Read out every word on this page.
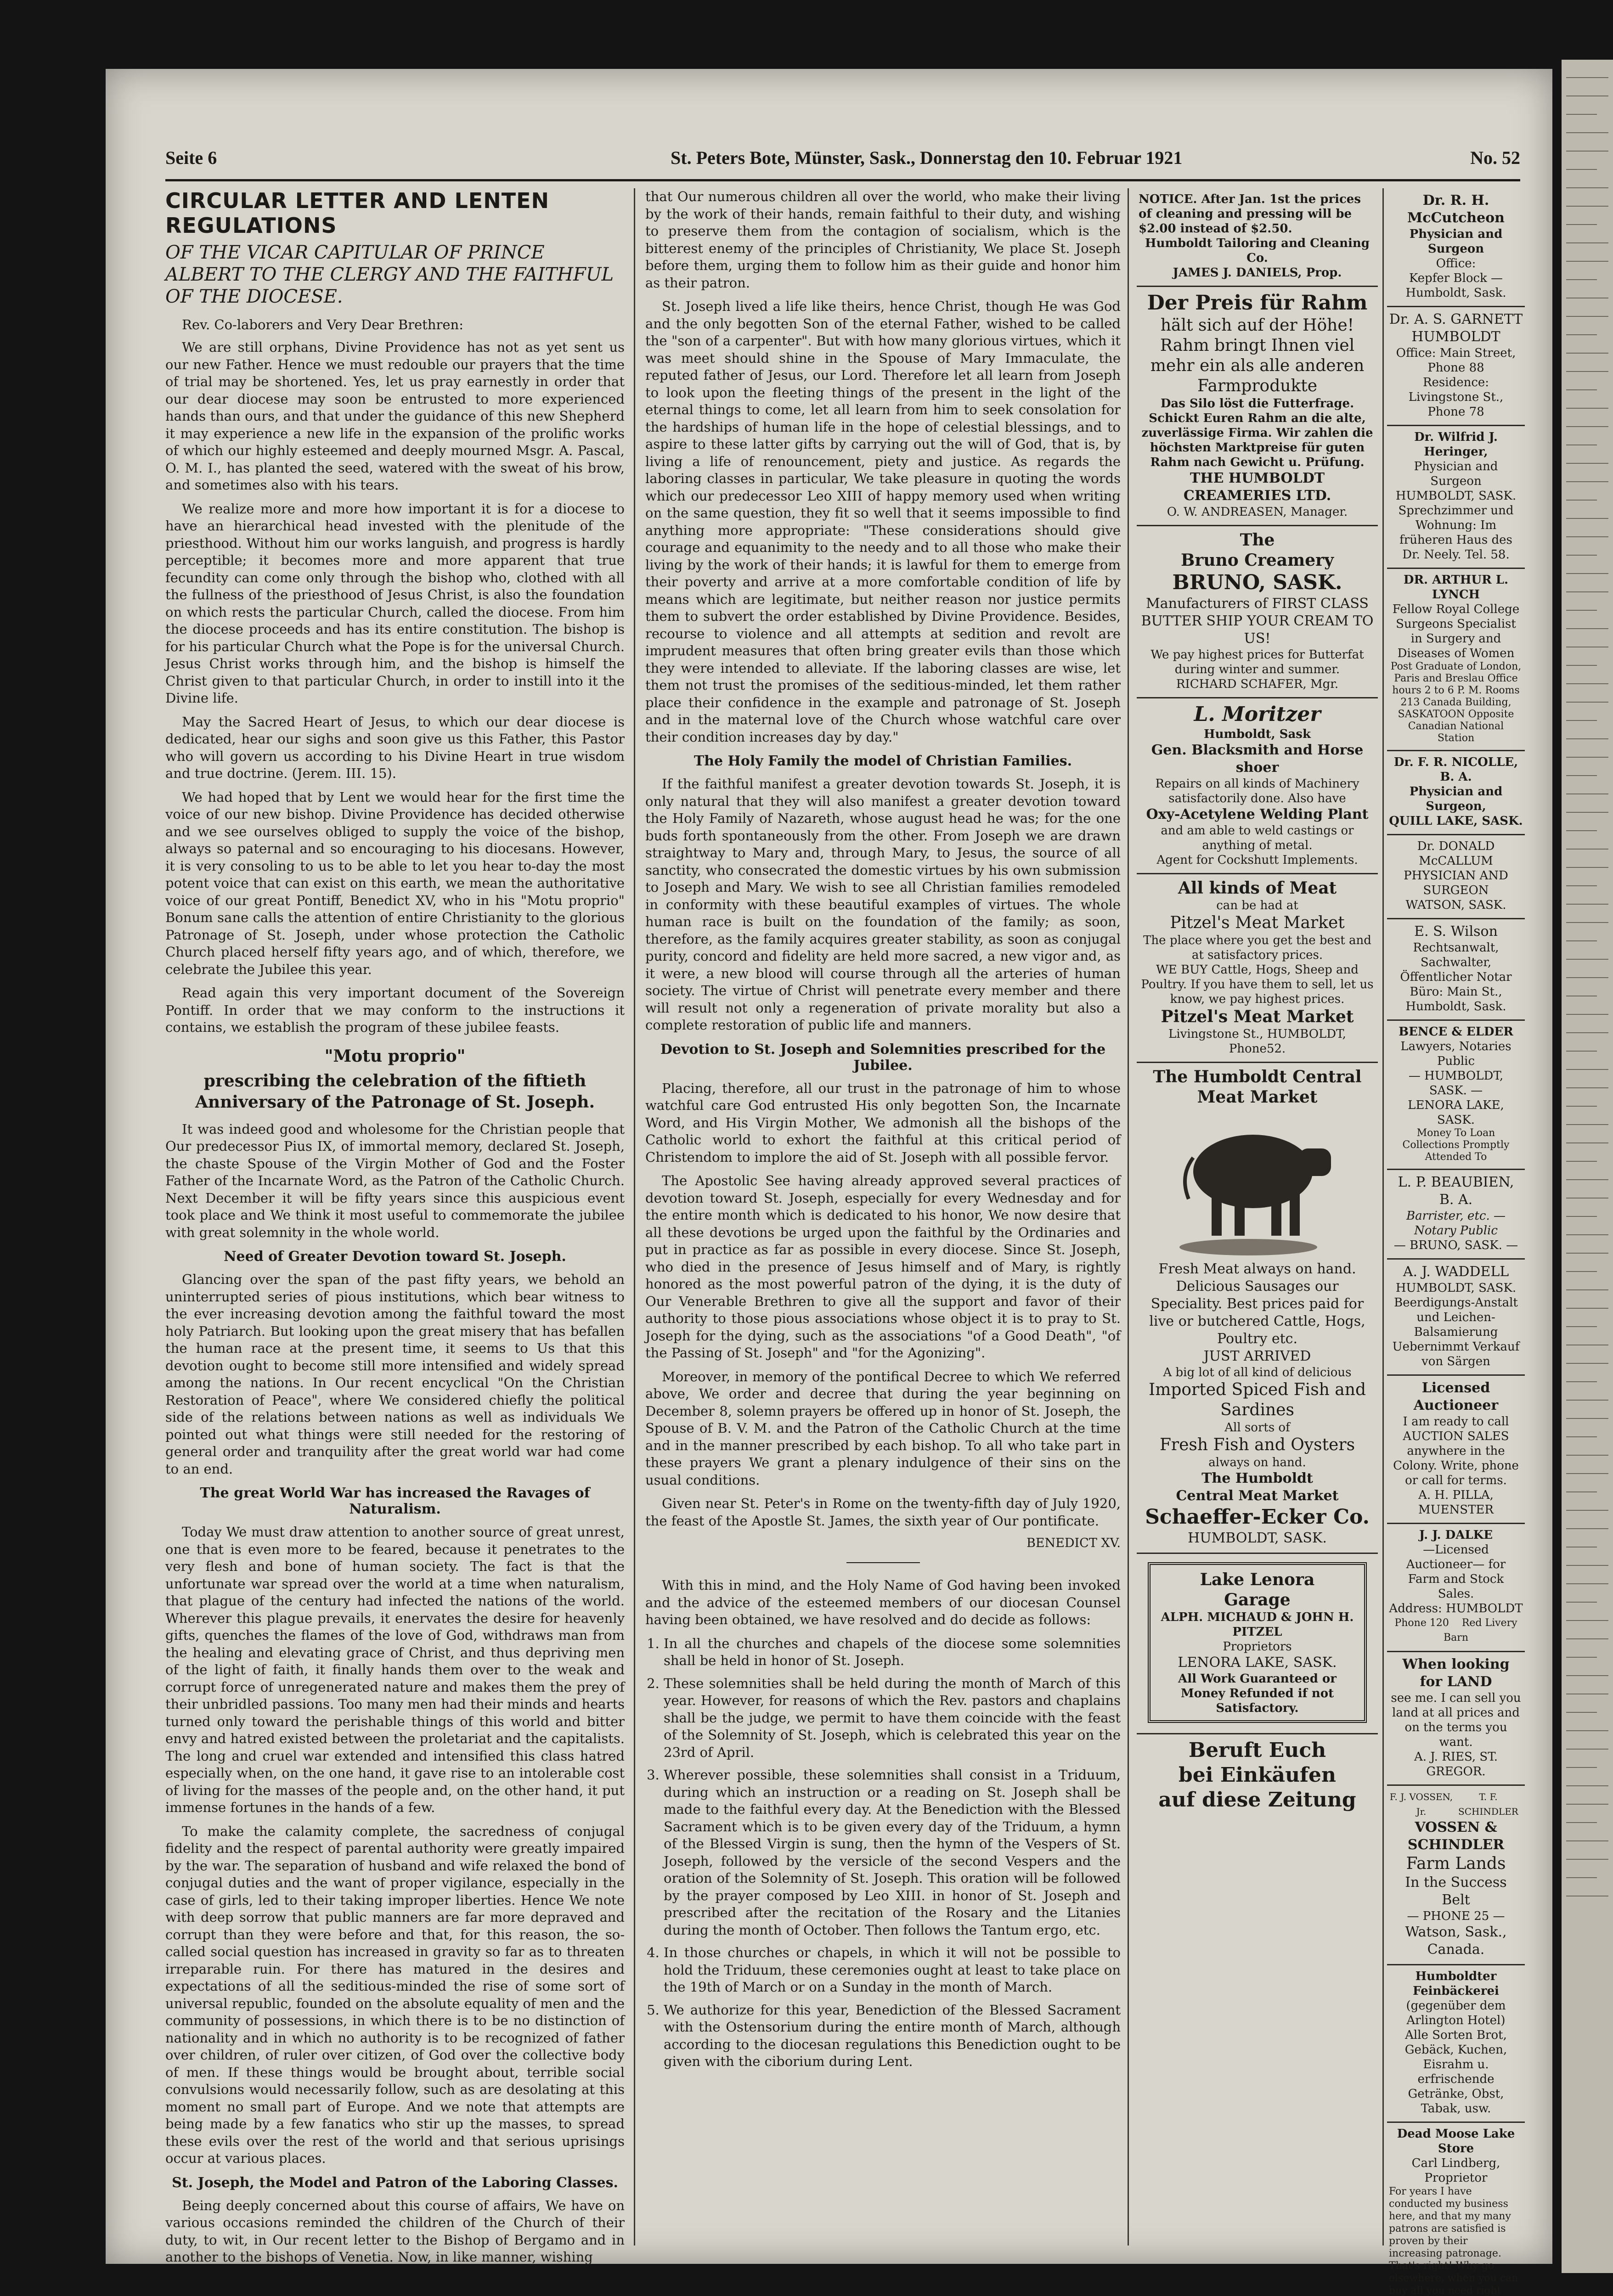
Seite 6	St. Peters Bote, Münster, Sask., Donnerstag den 10. Februar 1921	No. 52
CIRCULAR LETTER AND LENTEN REGULATIONS
OF THE VICAR CAPITULAR OF PRINCE ALBERT TO THE CLERGY AND THE FAITHFUL OF THE DIOCESE.
Rev. Co-laborers and Very Dear Brethren:

We are still orphans, Divine Providence has not as yet sent us our new Father. Hence we must redouble our prayers that the time of trial may be shortened. Yes, let us pray earnestly in order that our dear diocese may soon be entrusted to more experienced hands than ours, and that under the guidance of this new Shepherd it may experience a new life in the expansion of the prolific works of which our highly esteemed and deeply mourned Msgr. A. Pascal, O. M. I., has planted the seed, watered with the sweat of his brow, and sometimes also with his tears.

We realize more and more how important it is for a diocese to have an hierarchical head invested with the plenitude of the priesthood. Without him our works languish, and progress is hardly perceptible; it becomes more and more apparent that true fecundity can come only through the bishop who, clothed with all the fullness of the priesthood of Jesus Christ, is also the foundation on which rests the particular Church, called the diocese. From him the diocese proceeds and has its entire constitution. The bishop is for his particular Church what the Pope is for the universal Church. Jesus Christ works through him, and the bishop is himself the Christ given to that particular Church, in order to instill into it the Divine life.

May the Sacred Heart of Jesus, to which our dear diocese is dedicated, hear our sighs and soon give us this Father, this Pastor who will govern us according to his Divine Heart in true wisdom and true doctrine. (Jerem. III. 15).

We had hoped that by Lent we would hear for the first time the voice of our new bishop. Divine Providence has decided otherwise and we see ourselves obliged to supply the voice of the bishop, always so paternal and so encouraging to his diocesans. However, it is very consoling to us to be able to let you hear to-day the most potent voice that can exist on this earth, we mean the authoritative voice of our great Pontiff, Benedict XV, who in his "Motu proprio" Bonum sane calls the attention of entire Christianity to the glorious Patronage of St. Joseph, under whose protection the Catholic Church placed herself fifty years ago, and of which, therefore, we celebrate the Jubilee this year.

Read again this very important document of the Sovereign Pontiff. In order that we may conform to the instructions it contains, we establish the program of these jubilee feasts.

"Motu proprio"
prescribing the celebration of the fiftieth Anniversary of the Patronage of St. Joseph.

It was indeed good and wholesome for the Christian people that Our predecessor Pius IX, of immortal memory, declared St. Joseph, the chaste Spouse of the Virgin Mother of God and the Foster Father of the Incarnate Word, as the Patron of the Catholic Church. Next December it will be fifty years since this auspicious event took place and We think it most useful to commemorate the jubilee with great solemnity in the whole world.

Need of Greater Devotion toward St. Joseph.

Glancing over the span of the past fifty years, we behold an uninterrupted series of pious institutions, which bear witness to the ever increasing devotion among the faithful toward the most holy Patriarch. But looking upon the great misery that has befallen the human race at the present time, it seems to Us that this devotion ought to become still more intensified and widely spread among the nations. In Our recent encyclical "On the Christian Restoration of Peace", where We considered chiefly the political side of the relations between nations as well as individuals We pointed out what things were still needed for the restoring of general order and tranquility after the great world war had come to an end.

The great World War has increased the Ravages of Naturalism.

Today We must draw attention to another source of great unrest, one that is even more to be feared, because it penetrates to the very flesh and bone of human society. The fact is that the unfortunate war spread over the world at a time when naturalism, that plague of the century had infected the nations of the world. Wherever this plague prevails, it enervates the desire for heavenly gifts, quenches the flames of the love of God, withdraws man from the healing and elevating grace of Christ, and thus depriving men of the light of faith, it finally hands them over to the weak and corrupt force of unregenerated nature and makes them the prey of their unbridled passions. Too many men had their minds and hearts turned only toward the perishable things of this world and bitter envy and hatred existed between the proletariat and the capitalists. The long and cruel war extended and intensified this class hatred especially when, on the one hand, it gave rise to an intolerable cost of living for the masses of the people and, on the other hand, it put immense fortunes in the hands of a few.

To make the calamity complete, the sacredness of conjugal fidelity and the respect of parental authority were greatly impaired by the war. The separation of husband and wife relaxed the bond of conjugal duties and the want of proper vigilance, especially in the case of girls, led to their taking improper liberties. Hence We note with deep sorrow that public manners are far more depraved and corrupt than they were before and that, for this reason, the so-called social question has increased in gravity so far as to threaten irreparable ruin. For there has matured in the desires and expectations of all the seditious-minded the rise of some sort of universal republic, founded on the absolute equality of men and the community of possessions, in which there is to be no distinction of nationality and in which no authority is to be recognized of father over children, of ruler over citizen, of God over the collective body of men. If these things would be brought about, terrible social convulsions would necessarily follow, such as are desolating at this moment no small part of Europe. And we note that attempts are being made by a few fanatics who stir up the masses, to spread these evils over the rest of the world and that serious uprisings occur at various places.

St. Joseph, the Model and Patron of the Laboring Classes.

Being deeply concerned about this course of affairs, We have on various occasions reminded the children of the Church of their duty, to wit, in Our recent letter to the Bishop of Bergamo and in another to the bishops of Venetia. Now, in like manner, wishing

that Our numerous children all over the world, who make their living by the work of their hands, remain faithful to their duty, and wishing to preserve them from the contagion of socialism, which is the bitterest enemy of the principles of Christianity, We place St. Joseph before them, urging them to follow him as their guide and honor him as their patron.

St. Joseph lived a life like theirs, hence Christ, though He was God and the only begotten Son of the eternal Father, wished to be called the "son of a carpenter". But with how many glorious virtues, which it was meet should shine in the Spouse of Mary Immaculate, the reputed father of Jesus, our Lord. Therefore let all learn from Joseph to look upon the fleeting things of the present in the light of the eternal things to come, let all learn from him to seek consolation for the hardships of human life in the hope of celestial blessings, and to aspire to these latter gifts by carrying out the will of God, that is, by living a life of renouncement, piety and justice. As regards the laboring classes in particular, We take pleasure in quoting the words which our predecessor Leo XIII of happy memory used when writing on the same question, they fit so well that it seems impossible to find anything more appropriate: "These considerations should give courage and equanimity to the needy and to all those who make their living by the work of their hands; it is lawful for them to emerge from their poverty and arrive at a more comfortable condition of life by means which are legitimate, but neither reason nor justice permits them to subvert the order established by Divine Providence. Besides, recourse to violence and all attempts at sedition and revolt are imprudent measures that often bring greater evils than those which they were intended to alleviate. If the laboring classes are wise, let them not trust the promises of the seditious-minded, let them rather place their confidence in the example and patronage of St. Joseph and in the maternal love of the Church whose watchful care over their condition increases day by day."

The Holy Family the model of Christian Families.

If the faithful manifest a greater devotion towards St. Joseph, it is only natural that they will also manifest a greater devotion toward the Holy Family of Nazareth, whose august head he was; for the one buds forth spontaneously from the other. From Joseph we are drawn straightway to Mary and, through Mary, to Jesus, the source of all sanctity, who consecrated the domestic virtues by his own submission to Joseph and Mary. We wish to see all Christian families remodeled in conformity with these beautiful examples of virtues. The whole human race is built on the foundation of the family; as soon, therefore, as the family acquires greater stability, as soon as conjugal purity, concord and fidelity are held more sacred, a new vigor and, as it were, a new blood will course through all the arteries of human society. The virtue of Christ will penetrate every member and there will result not only a regeneration of private morality but also a complete restoration of public life and manners.

Devotion to St. Joseph and Solemnities prescribed for the Jubilee.

Placing, therefore, all our trust in the patronage of him to whose watchful care God entrusted His only begotten Son, the Incarnate Word, and His Virgin Mother, We admonish all the bishops of the Catholic world to exhort the faithful at this critical period of Christendom to implore the aid of St. Joseph with all possible fervor.

The Apostolic See having already approved several practices of devotion toward St. Joseph, especially for every Wednesday and for the entire month which is dedicated to his honor, We now desire that all these devotions be urged upon the faithful by the Ordinaries and put in practice as far as possible in every diocese. Since St. Joseph, who died in the presence of Jesus himself and of Mary, is rightly honored as the most powerful patron of the dying, it is the duty of Our Venerable Brethren to give all the support and favor of their authority to those pious associations whose object it is to pray to St. Joseph for the dying, such as the associations "of a Good Death", "of the Passing of St. Joseph" and "for the Agonizing".

Moreover, in memory of the pontifical Decree to which We referred above, We order and decree that during the year beginning on December 8, solemn prayers be offered up in honor of St. Joseph, the Spouse of B. V. M. and the Patron of the Catholic Church at the time and in the manner prescribed by each bishop. To all who take part in these prayers We grant a plenary indulgence of their sins on the usual conditions.

Given near St. Peter's in Rome on the twenty-fifth day of July 1920, the feast of the Apostle St. James, the sixth year of Our pontificate.

BENEDICT XV.

With this in mind, and the Holy Name of God having been invoked and the advice of the esteemed members of our diocesan Counsel having been obtained, we have resolved and do decide as follows:

1. In all the churches and chapels of the diocese some solemnities shall be held in honor of St. Joseph.
2. These solemnities shall be held during the month of March of this year. However, for reasons of which the Rev. pastors and chaplains shall be the judge, we permit to have them coincide with the feast of the Solemnity of St. Joseph, which is celebrated this year on the 23rd of April.
3. Wherever possible, these solemnities shall consist in a Triduum, during which an instruction or a reading on St. Joseph shall be made to the faithful every day. At the Benediction with the Blessed Sacrament which is to be given every day of the Triduum, a hymn of the Blessed Virgin is sung, then the hymn of the Vespers of St. Joseph, followed by the versicle of the second Vespers and the oration of the Solemnity of St. Joseph. This oration will be followed by the prayer composed by Leo XIII. in honor of St. Joseph and prescribed after the recitation of the Rosary and the Litanies during the month of October. Then follows the Tantum ergo, etc.
4. In those churches or chapels, in which it will not be possible to hold the Triduum, these ceremonies ought at least to take place on the 19th of March or on a Sunday in the month of March.
5. We authorize for this year, Benediction of the Blessed Sacrament with the Ostensorium during the entire month of March, although according to the diocesan regulations this Benediction ought to be given with the ciborium during Lent.
NOTICE. After Jan. 1st the prices of cleaning and pressing will be $2.00 instead of $2.50.
Humboldt Tailoring and Cleaning Co.
JAMES J. DANIELS, Prop.
Der Preis für Rahm
hält sich auf der Höhe! Rahm bringt Ihnen viel mehr ein als alle anderen Farmprodukte
Das Silo löst die Futterfrage. Schickt Euren Rahm an die alte, zuverlässige Firma. Wir zahlen die höchsten Marktpreise für guten Rahm nach Gewicht u. Prüfung.
THE HUMBOLDT CREAMERIES LTD.
O. W. ANDREASEN, Manager.
The
Bruno Creamery
BRUNO, SASK.
Manufacturers of FIRST CLASS BUTTER SHIP YOUR CREAM TO US!
We pay highest prices for Butterfat during winter and summer.
RICHARD SCHAFER, Mgr.
L. Moritzer
Humboldt, Sask
Gen. Blacksmith and Horse shoer
Repairs on all kinds of Machinery satisfactorily done. Also have
Oxy-Acetylene Welding Plant
and am able to weld castings or anything of metal.
Agent for Cockshutt Implements.
All kinds of Meat
can be had at
Pitzel's Meat Market
The place where you get the best and at satisfactory prices.
WE BUY Cattle, Hogs, Sheep and Poultry. If you have them to sell, let us know, we pay highest prices.
Pitzel's Meat Market
Livingstone St., HUMBOLDT, Phone52.
The Humboldt Central Meat Market
Fresh Meat always on hand. Delicious Sausages our Speciality. Best prices paid for live or butchered Cattle, Hogs, Poultry etc.
JUST ARRIVED
A big lot of all kind of delicious
Imported Spiced Fish and Sardines
All sorts of
Fresh Fish and Oysters
always on hand.
The Humboldt
Central Meat Market
Schaeffer-Ecker Co.
HUMBOLDT, SASK.
Lake Lenora
Garage
ALPH. MICHAUD & JOHN H. PITZEL
Proprietors
LENORA LAKE, SASK.
All Work Guaranteed or Money Refunded if not Satisfactory.
Beruft Euch
bei Einkäufen
auf diese Zeitung
Dr. R. H. McCutcheon
Physician and Surgeon
Office:
Kepfer Block — Humboldt, Sask.
Dr. A. S. GARNETT
HUMBOLDT
Office: Main Street, Phone 88
Residence: Livingstone St., Phone 78
Dr. Wilfrid J. Heringer,
Physician and Surgeon
HUMBOLDT, SASK.
Sprechzimmer und Wohnung: Im früheren Haus des Dr. Neely. Tel. 58.
DR. ARTHUR L. LYNCH
Fellow Royal College Surgeons Specialist in Surgery and Diseases of Women
Post Graduate of London, Paris and Breslau Office hours 2 to 6 P. M. Rooms 213 Canada Building, SASKATOON Opposite Canadian National Station
Dr. F. R. NICOLLE, B. A.
Physician and Surgeon,
QUILL LAKE, SASK.
Dr. DONALD McCALLUM
PHYSICIAN AND SURGEON
WATSON, SASK.
E. S. Wilson
Rechtsanwalt, Sachwalter, Öffentlicher Notar
Büro: Main St., Humboldt, Sask.
BENCE & ELDER
Lawyers, Notaries Public
— HUMBOLDT, SASK. —
LENORA LAKE, SASK.
Money To Loan Collections Promptly Attended To
L. P. BEAUBIEN, B. A.
Barrister, etc. — Notary Public
— BRUNO, SASK. —
A. J. WADDELL
HUMBOLDT, SASK.
Beerdigungs-Anstalt und Leichen-Balsamierung
Uebernimmt Verkauf von Särgen
Licensed Auctioneer
I am ready to call AUCTION SALES anywhere in the Colony. Write, phone or call for terms.
A. H. PILLA, MUENSTER
J. J. DALKE
—Licensed Auctioneer— for Farm and Stock Sales.
Address: HUMBOLDT
Phone 120 Red Livery Barn
When looking for LAND
see me. I can sell you land at all prices and on the terms you want.
A. J. RIES, ST. GREGOR.
F. J. VOSSEN, Jr.
T. F. SCHINDLER
VOSSEN & SCHINDLER
Farm Lands
In the Success Belt
— PHONE 25 —
Watson, Sask., Canada.
Humboldter Feinbäckerei
(gegenüber dem Arlington Hotel)
Alle Sorten Brot, Gebäck, Kuchen, Eisrahm u. erfrischende Getränke, Obst, Tabak, usw.
Dead Moose Lake Store
Carl Lindberg, Proprietor
For years I have conducted my business here, and that my many patrons are satisfied is proven by their increasing patronage. That's right! Why go elsewhere, when you can buy all you need right
